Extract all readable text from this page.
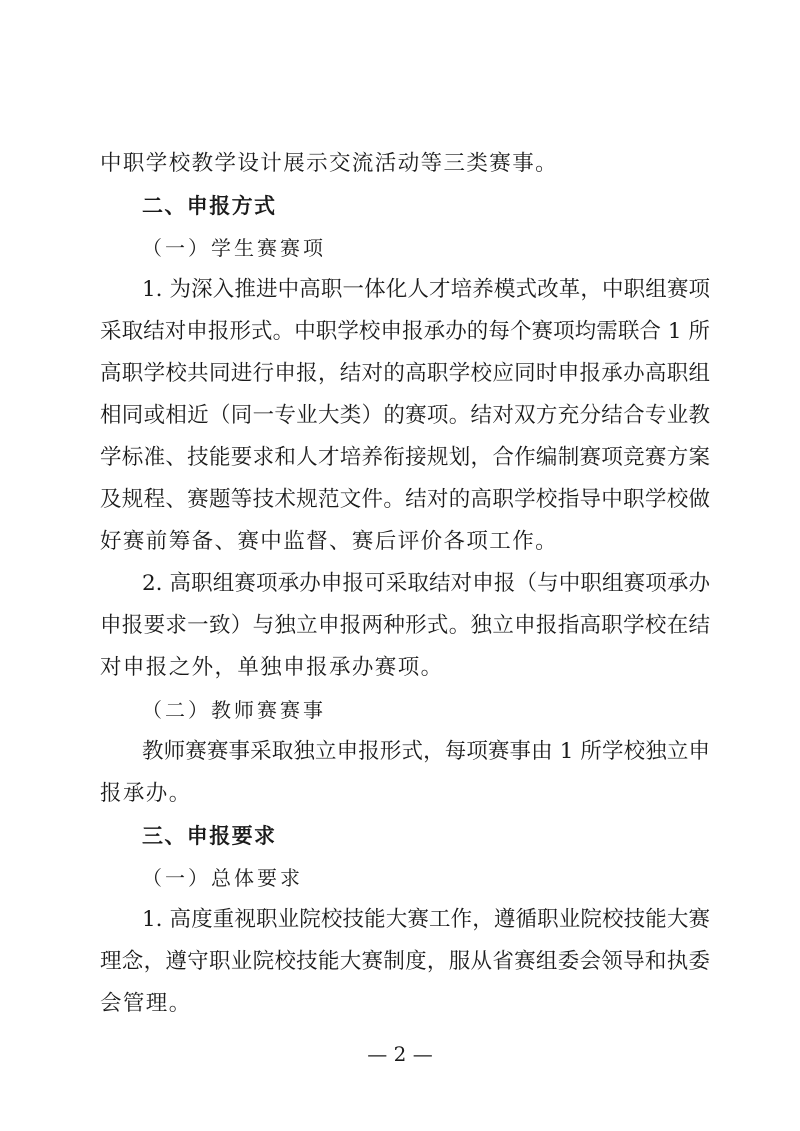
中职学校教学设计展示交流活动等三类赛事。

二、申报方式

（一）学生赛赛项

1. 为深入推进中高职一体化人才培养模式改革，中职组赛项

采取结对申报形式。中职学校申报承办的每个赛项均需联合 1 所

高职学校共同进行申报，结对的高职学校应同时申报承办高职组

相同或相近（同一专业大类）的赛项。结对双方充分结合专业教

学标准、技能要求和人才培养衔接规划，合作编制赛项竞赛方案

及规程、赛题等技术规范文件。结对的高职学校指导中职学校做

好赛前筹备、赛中监督、赛后评价各项工作。

2. 高职组赛项承办申报可采取结对申报（与中职组赛项承办

申报要求一致）与独立申报两种形式。独立申报指高职学校在结

对申报之外，单独申报承办赛项。

（二）教师赛赛事

教师赛赛事采取独立申报形式，每项赛事由 1 所学校独立申

报承办。

三、申报要求

（一）总体要求

1. 高度重视职业院校技能大赛工作，遵循职业院校技能大赛

理念，遵守职业院校技能大赛制度，服从省赛组委会领导和执委

会管理。

— 2 —
